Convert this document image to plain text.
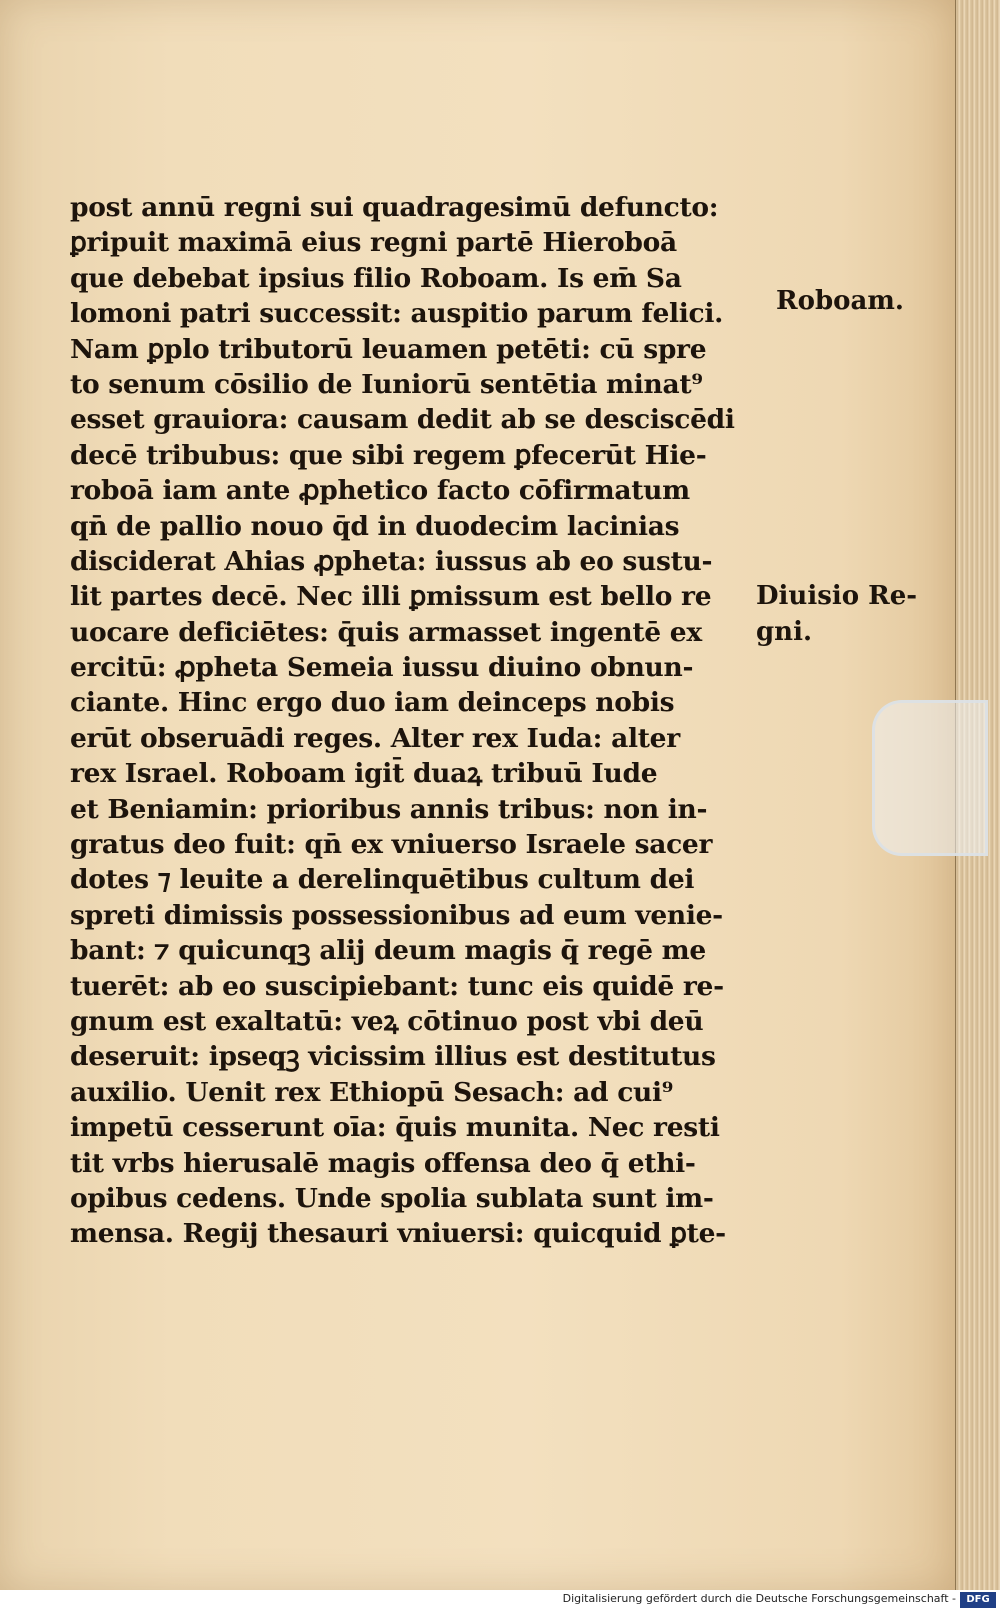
post annū regni sui quadragesimū defuncto:
ꝑripuit maximā eius regni partē Hieroboā
que debebat ipsius filio Roboam. Is em̄ Sa
lomoni patri successit: auspitio parum felici.
Nam ꝑplo tributorū leuamen petēti: cū spre
to senum cōsilio de Iuniorū sentētia minat⁹
esset grauiora: causam dedit ab se desciscēdi
decē tribubus: que sibi regem ꝑfecerūt Hie-
roboā iam ante ꝓphetico facto cōfirmatum
qn̄ de pallio nouo q̄d in duodecim lacinias
disciderat Ahias ꝓpheta: iussus ab eo sustu-
lit partes decē. Nec illi ꝑmissum est bello re
uocare deficiētes: q̄uis armasset ingentē ex
ercitū: ꝓpheta Semeia iussu diuino obnun-
ciante. Hinc ergo duo iam deinceps nobis
erūt obseruādi reges. Alter rex Iuda: alter
rex Israel. Roboam igit̄ duaꝝ tribuū Iude
et Beniamin: prioribus annis tribus: non in-
gratus deo fuit: qn̄ ex vniuerso Israele sacer
dotes ⁊ leuite a derelinquētibus cultum dei
spreti dimissis possessionibus ad eum venie-
bant: ⁊ quicunqꝫ alij deum magis q̄ regē me
tuerēt: ab eo suscipiebant: tunc eis quidē re-
gnum est exaltatū: veꝝ cōtinuo post vbi deū
deseruit: ipseqꝫ vicissim illius est destitutus
auxilio. Uenit rex Ethiopū Sesach: ad cui⁹
impetū cesserunt oīa: q̄uis munita. Nec resti
tit vrbs hierusalē magis offensa deo q̄ ethi-
opibus cedens. Unde spolia sublata sunt im-
mensa. Regij thesauri vniuersi: quicquid ꝑte-
Roboam.
Diuisio Re-
gni.
Digitalisierung gefördert durch die Deutsche Forschungsgemeinschaft -	DFG
